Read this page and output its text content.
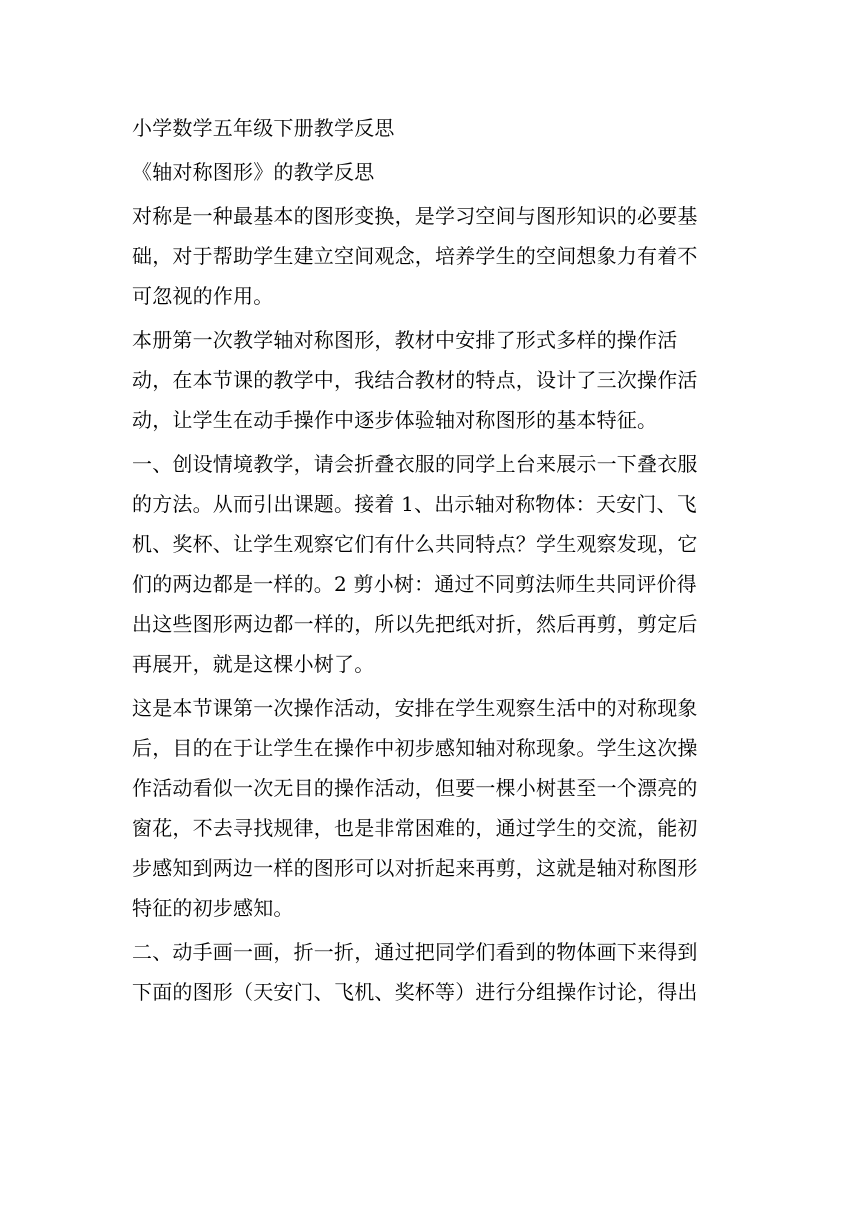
小学数学五年级下册教学反思

《轴对称图形》的教学反思

对称是一种最基本的图形变换，是学习空间与图形知识的必要基

础，对于帮助学生建立空间观念，培养学生的空间想象力有着不

可忽视的作用。

本册第一次教学轴对称图形，教材中安排了形式多样的操作活

动，在本节课的教学中，我结合教材的特点，设计了三次操作活

动，让学生在动手操作中逐步体验轴对称图形的基本特征。

一、创设情境教学，请会折叠衣服的同学上台来展示一下叠衣服

的方法。从而引出课题。接着 1、出示轴对称物体：天安门、飞

机、奖杯、让学生观察它们有什么共同特点？学生观察发现，它

们的两边都是一样的。2 剪小树：通过不同剪法师生共同评价得

出这些图形两边都一样的，所以先把纸对折，然后再剪，剪定后

再展开，就是这棵小树了。

这是本节课第一次操作活动，安排在学生观察生活中的对称现象

后，目的在于让学生在操作中初步感知轴对称现象。学生这次操

作活动看似一次无目的操作活动，但要一棵小树甚至一个漂亮的

窗花，不去寻找规律，也是非常困难的，通过学生的交流，能初

步感知到两边一样的图形可以对折起来再剪，这就是轴对称图形

特征的初步感知。

二、动手画一画，折一折，通过把同学们看到的物体画下来得到

下面的图形（天安门、飞机、奖杯等）进行分组操作讨论，得出
